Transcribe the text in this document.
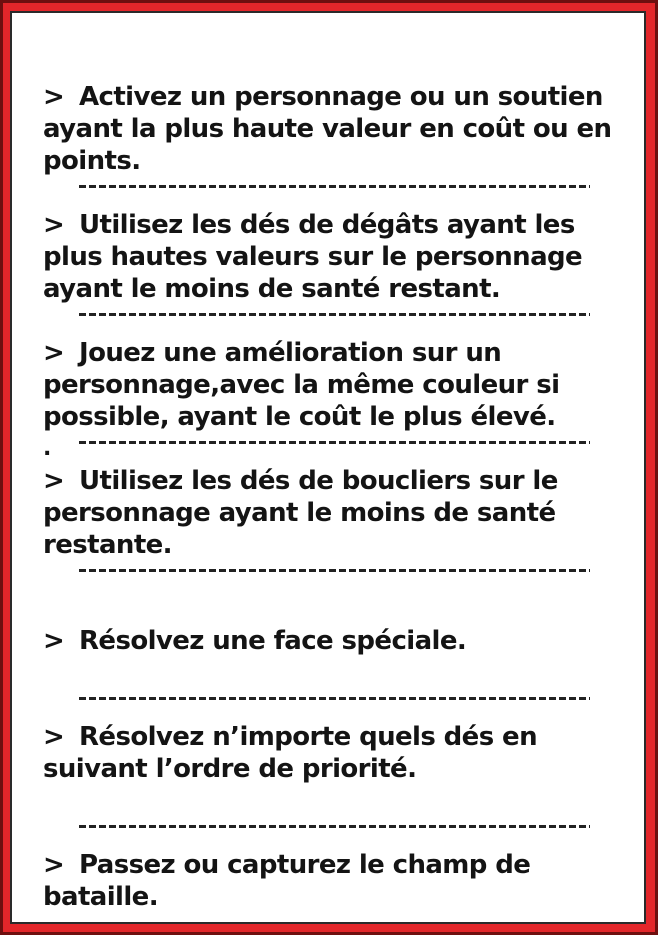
> Activez un personnage ou un soutien ayant la plus haute valeur en coût ou en points.
> Utilisez les dés de dégâts ayant les plus hautes valeurs sur le personnage ayant le moins de santé restant.
> Jouez une amélioration sur un personnage,avec la même couleur si possible, ayant le coût le plus élevé.
.
> Utilisez les dés de boucliers sur le personnage ayant le moins de santé restante.
> Résolvez une face spéciale.
> Résolvez n’importe quels dés en suivant l’ordre de priorité.
> Passez ou capturez le champ de bataille.
